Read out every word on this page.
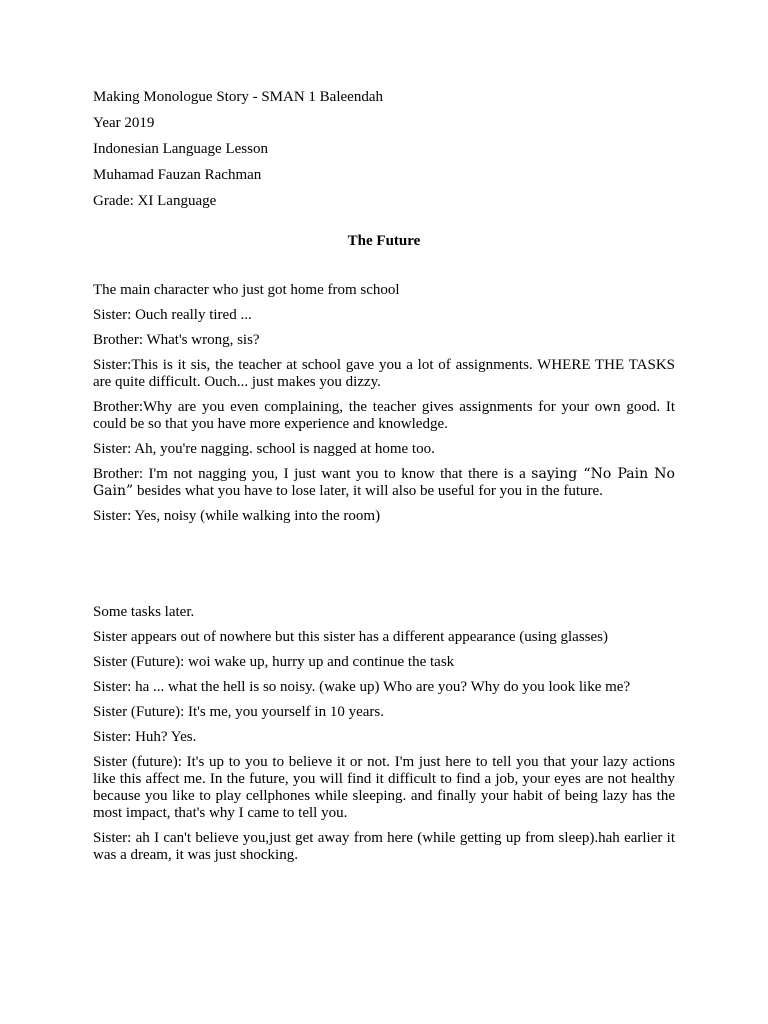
Making Monologue Story - SMAN 1 Baleendah
Year 2019
Indonesian Language Lesson
Muhamad Fauzan Rachman
Grade: XI Language
The Future

The main character who just got home from school

Sister: Ouch really tired ...

Brother: What's wrong, sis?

Sister:This is it sis, the teacher at school gave you a lot of assignments. WHERE THE TASKS are quite difficult. Ouch... just makes you dizzy.

Brother:Why are you even complaining, the teacher gives assignments for your own good. It could be so that you have more experience and knowledge.

Sister: Ah, you're nagging. school is nagged at home too.

Brother: I'm not nagging you, I just want you to know that there is a saying “No Pain No Gain” besides what you have to lose later, it will also be useful for you in the future.

Sister: Yes, noisy (while walking into the room)

Some tasks later.

Sister appears out of nowhere but this sister has a different appearance (using glasses)

Sister (Future): woi wake up, hurry up and continue the task

Sister: ha ... what the hell is so noisy. (wake up) Who are you? Why do you look like me?

Sister (Future): It's me, you yourself in 10 years.

Sister: Huh? Yes.

Sister (future): It's up to you to believe it or not. I'm just here to tell you that your lazy actions like this affect me. In the future, you will find it difficult to find a job, your eyes are not healthy because you like to play cellphones while sleeping. and finally your habit of being lazy has the most impact, that's why I came to tell you.

Sister: ah I can't believe you,just get away from here (while getting up from sleep).hah earlier it was a dream, it was just shocking.
